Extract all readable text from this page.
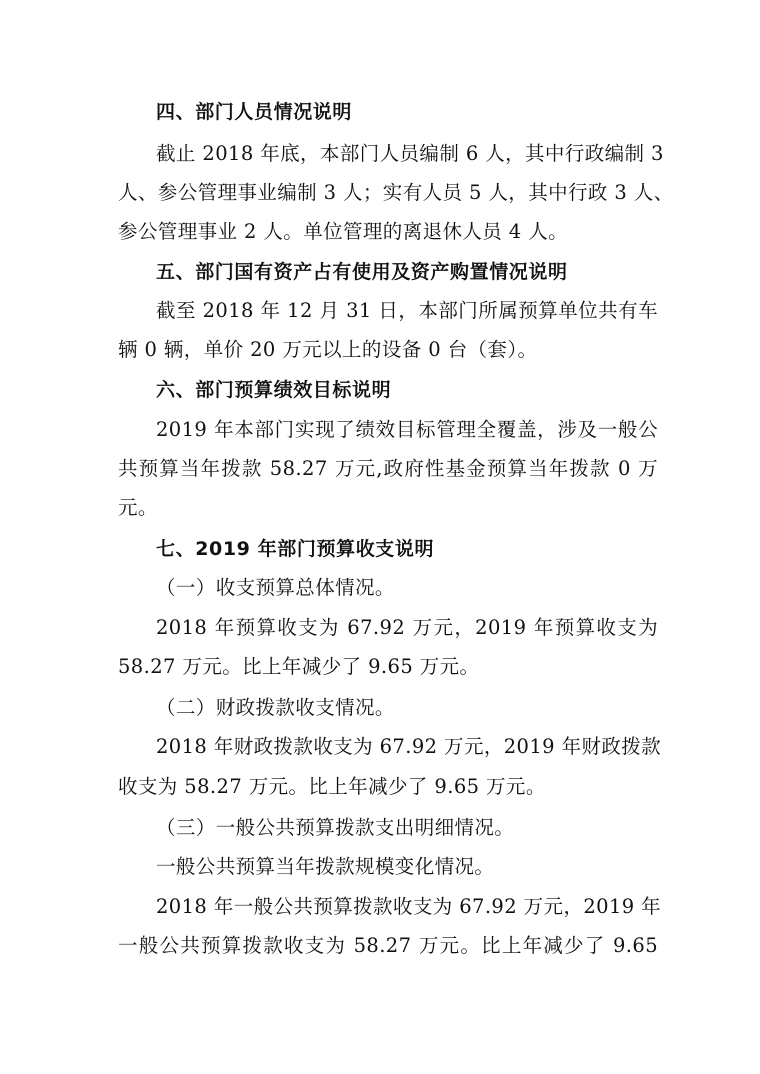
四、部门人员情况说明
截止 2018 年底，本部门人员编制 6 人，其中行政编制 3
人、参公管理事业编制 3 人；实有人员 5 人，其中行政 3 人、
参公管理事业 2 人。单位管理的离退休人员 4 人。
五、部门国有资产占有使用及资产购置情况说明
截至 2018 年 12 月 31 日，本部门所属预算单位共有车
辆 0 辆，单价 20 万元以上的设备 0 台（套）。
六、部门预算绩效目标说明
2019 年本部门实现了绩效目标管理全覆盖，涉及一般公
共预算当年拨款 58.27 万元,政府性基金预算当年拨款 0 万
元。
七、2019 年部门预算收支说明
（一）收支预算总体情况。
2018 年预算收支为 67.92 万元，2019 年预算收支为
58.27 万元。比上年减少了 9.65 万元。
（二）财政拨款收支情况。
2018 年财政拨款收支为 67.92 万元，2019 年财政拨款
收支为 58.27 万元。比上年减少了 9.65 万元。
（三）一般公共预算拨款支出明细情况。
一般公共预算当年拨款规模变化情况。
2018 年一般公共预算拨款收支为 67.92 万元，2019 年
一般公共预算拨款收支为 58.27 万元。比上年减少了 9.65
